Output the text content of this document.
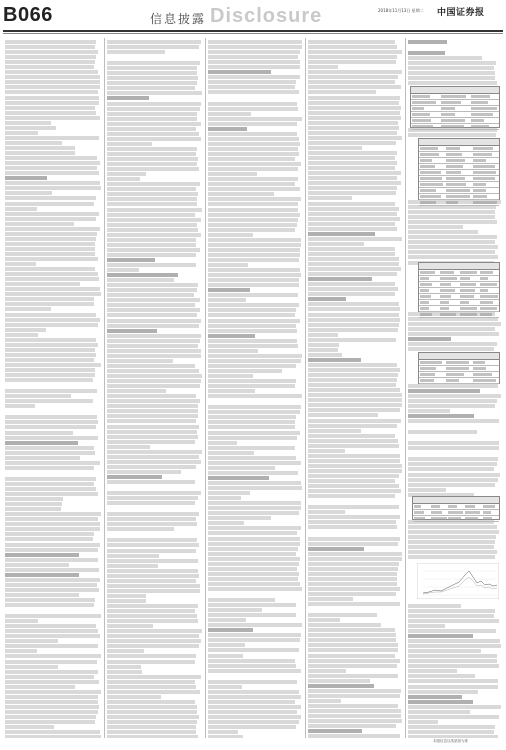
B066	信息披露 Disclosure	2018年11月13日 星期二 中国证券报
本版信息以纸质版为准
